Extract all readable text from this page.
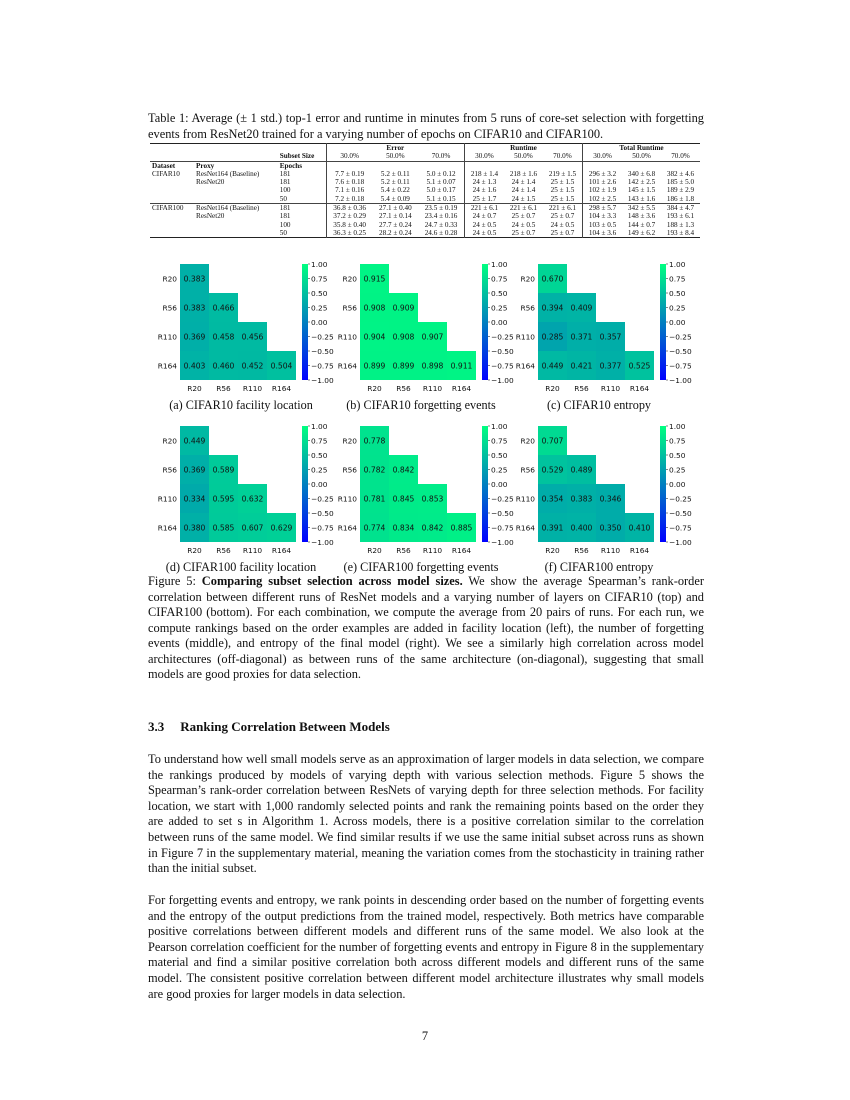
Table 1: Average (± 1 std.) top-1 error and runtime in minutes from 5 runs of core-set selection with forgetting events from ResNet20 trained for a varying number of epochs on CIFAR10 and CIFAR100.
			Error			Runtime			Total Runtime		
		Subset Size	30.0%	50.0%	70.0%	30.0%	50.0%	70.0%	30.0%	50.0%	70.0%
Dataset	Proxy	Epochs									
CIFAR10	ResNet164 (Baseline)	181	7.7 ± 0.19	5.2 ± 0.11	5.0 ± 0.12	218 ± 1.4	218 ± 1.6	219 ± 1.5	296 ± 3.2	340 ± 6.8	382 ± 4.6
	ResNet20	181	7.6 ± 0.18	5.2 ± 0.11	5.1 ± 0.07	24 ± 1.3	24 ± 1.4	25 ± 1.5	101 ± 2.6	142 ± 2.5	185 ± 5.0
		100	7.1 ± 0.16	5.4 ± 0.22	5.0 ± 0.17	24 ± 1.6	24 ± 1.4	25 ± 1.5	102 ± 1.9	145 ± 1.5	189 ± 2.9
		50	7.2 ± 0.18	5.4 ± 0.09	5.1 ± 0.15	25 ± 1.7	24 ± 1.5	25 ± 1.5	102 ± 2.5	143 ± 1.6	186 ± 1.8
CIFAR100	ResNet164 (Baseline)	181	36.8 ± 0.36	27.1 ± 0.40	23.5 ± 0.19	221 ± 6.1	221 ± 6.1	221 ± 6.1	298 ± 5.7	342 ± 5.5	384 ± 4.7
	ResNet20	181	37.2 ± 0.29	27.1 ± 0.14	23.4 ± 0.16	24 ± 0.7	25 ± 0.7	25 ± 0.7	104 ± 3.3	148 ± 3.6	193 ± 6.1
		100	35.8 ± 0.40	27.7 ± 0.24	24.7 ± 0.33	24 ± 0.5	24 ± 0.5	24 ± 0.5	103 ± 0.5	144 ± 0.7	188 ± 1.3
		50	36.3 ± 0.25	28.2 ± 0.24	24.6 ± 0.28	24 ± 0.5	25 ± 0.7	25 ± 0.7	104 ± 3.6	149 ± 6.2	193 ± 8.4
0.383
0.383 0.466
0.369 0.458 0.456
0.403 0.460 0.452 0.504
R20
R20
R56
R56
R110
R110
R164
R164
1.00
0.75
0.50
0.25
0.00
−0.25
−0.50
−0.75
−1.00
(a) CIFAR10 facility location
0.915
0.908 0.909
0.904 0.908 0.907
0.899 0.899 0.898 0.911
R20
R20
R56
R56
R110
R110
R164
R164
1.00
0.75
0.50
0.25
0.00
−0.25
−0.50
−0.75
−1.00
(b) CIFAR10 forgetting events
0.670
0.394 0.409
0.285 0.371 0.357
0.449 0.421 0.377 0.525
R20
R20
R56
R56
R110
R110
R164
R164
1.00
0.75
0.50
0.25
0.00
−0.25
−0.50
−0.75
−1.00
(c) CIFAR10 entropy
0.449
0.369 0.589
0.334 0.595 0.632
0.380 0.585 0.607 0.629
R20
R20
R56
R56
R110
R110
R164
R164
1.00
0.75
0.50
0.25
0.00
−0.25
−0.50
−0.75
−1.00
(d) CIFAR100 facility location
0.778
0.782 0.842
0.781 0.845 0.853
0.774 0.834 0.842 0.885
R20
R20
R56
R56
R110
R110
R164
R164
1.00
0.75
0.50
0.25
0.00
−0.25
−0.50
−0.75
−1.00
(e) CIFAR100 forgetting events
0.707
0.529 0.489
0.354 0.383 0.346
0.391 0.400 0.350 0.410
R20
R20
R56
R56
R110
R110
R164
R164
1.00
0.75
0.50
0.25
0.00
−0.25
−0.50
−0.75
−1.00
(f) CIFAR100 entropy
Figure 5: Comparing subset selection across model sizes. We show the average Spearman’s rank-order correlation between different runs of ResNet models and a varying number of layers on CIFAR10 (top) and CIFAR100 (bottom). For each combination, we compute the average from 20 pairs of runs. For each run, we compute rankings based on the order examples are added in facility location (left), the number of forgetting events (middle), and entropy of the final model (right). We see a similarly high correlation across model architectures (off-diagonal) as between runs of the same architecture (on-diagonal), suggesting that small models are good proxies for data selection.
3.3 Ranking Correlation Between Models
To understand how well small models serve as an approximation of larger models in data selection, we compare the rankings produced by models of varying depth with various selection methods. Figure 5 shows the Spearman’s rank-order correlation between ResNets of varying depth for three selection methods. For facility location, we start with 1,000 randomly selected points and rank the remaining points based on the order they are added to set s in Algorithm 1. Across models, there is a positive correlation similar to the correlation between runs of the same model. We find similar results if we use the same initial subset across runs as shown in Figure 7 in the supplementary material, meaning the variation comes from the stochasticity in training rather than the initial subset.
For forgetting events and entropy, we rank points in descending order based on the number of forgetting events and the entropy of the output predictions from the trained model, respectively. Both metrics have comparable positive correlations between different models and different runs of the same model. We also look at the Pearson correlation coefficient for the number of forgetting events and entropy in Figure 8 in the supplementary material and find a similar positive correlation both across different models and different runs of the same model. The consistent positive correlation between different model architecture illustrates why small models are good proxies for larger models in data selection.
7
